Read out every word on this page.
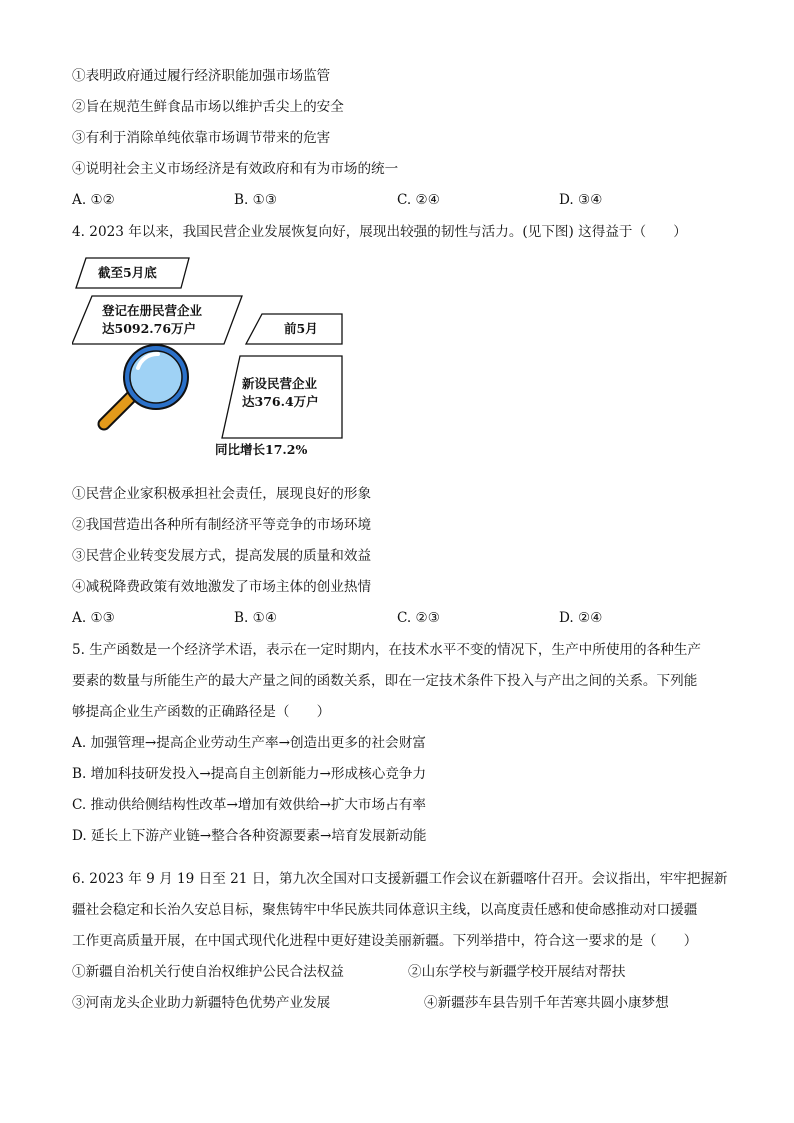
①表明政府通过履行经济职能加强市场监管
②旨在规范生鲜食品市场以维护舌尖上的安全
③有利于消除单纯依靠市场调节带来的危害
④说明社会主义市场经济是有效政府和有为市场的统一
A. ①②	B. ①③	C. ②④	D. ③④
4. 2023 年以来，我国民营企业发展恢复向好，展现出较强的韧性与活力。(见下图) 这得益于（　　）
截至5月底
登记在册民营企业
达5092.76万户	前5月
新设民营企业
达376.4万户
同比增长17.2%
①民营企业家积极承担社会责任，展现良好的形象
②我国营造出各种所有制经济平等竞争的市场环境
③民营企业转变发展方式，提高发展的质量和效益
④减税降费政策有效地激发了市场主体的创业热情
A. ①③	B. ①④	C. ②③	D. ②④
5. 生产函数是一个经济学术语，表示在一定时期内，在技术水平不变的情况下，生产中所使用的各种生产
要素的数量与所能生产的最大产量之间的函数关系，即在一定技术条件下投入与产出之间的关系。下列能
够提高企业生产函数的正确路径是（　　）
A. 加强管理→提高企业劳动生产率→创造出更多的社会财富
B. 增加科技研发投入→提高自主创新能力→形成核心竞争力
C. 推动供给侧结构性改革→增加有效供给→扩大市场占有率
D. 延长上下游产业链→整合各种资源要素→培育发展新动能
6. 2023 年 9 月 19 日至 21 日，第九次全国对口支援新疆工作会议在新疆喀什召开。会议指出，牢牢把握新
疆社会稳定和长治久安总目标，聚焦铸牢中华民族共同体意识主线，以高度责任感和使命感推动对口援疆
工作更高质量开展，在中国式现代化进程中更好建设美丽新疆。下列举措中，符合这一要求的是（　　）
①新疆自治机关行使自治权维护公民合法权益	②山东学校与新疆学校开展结对帮扶
③河南龙头企业助力新疆特色优势产业发展	④新疆莎车县告别千年苦寒共圆小康梦想
